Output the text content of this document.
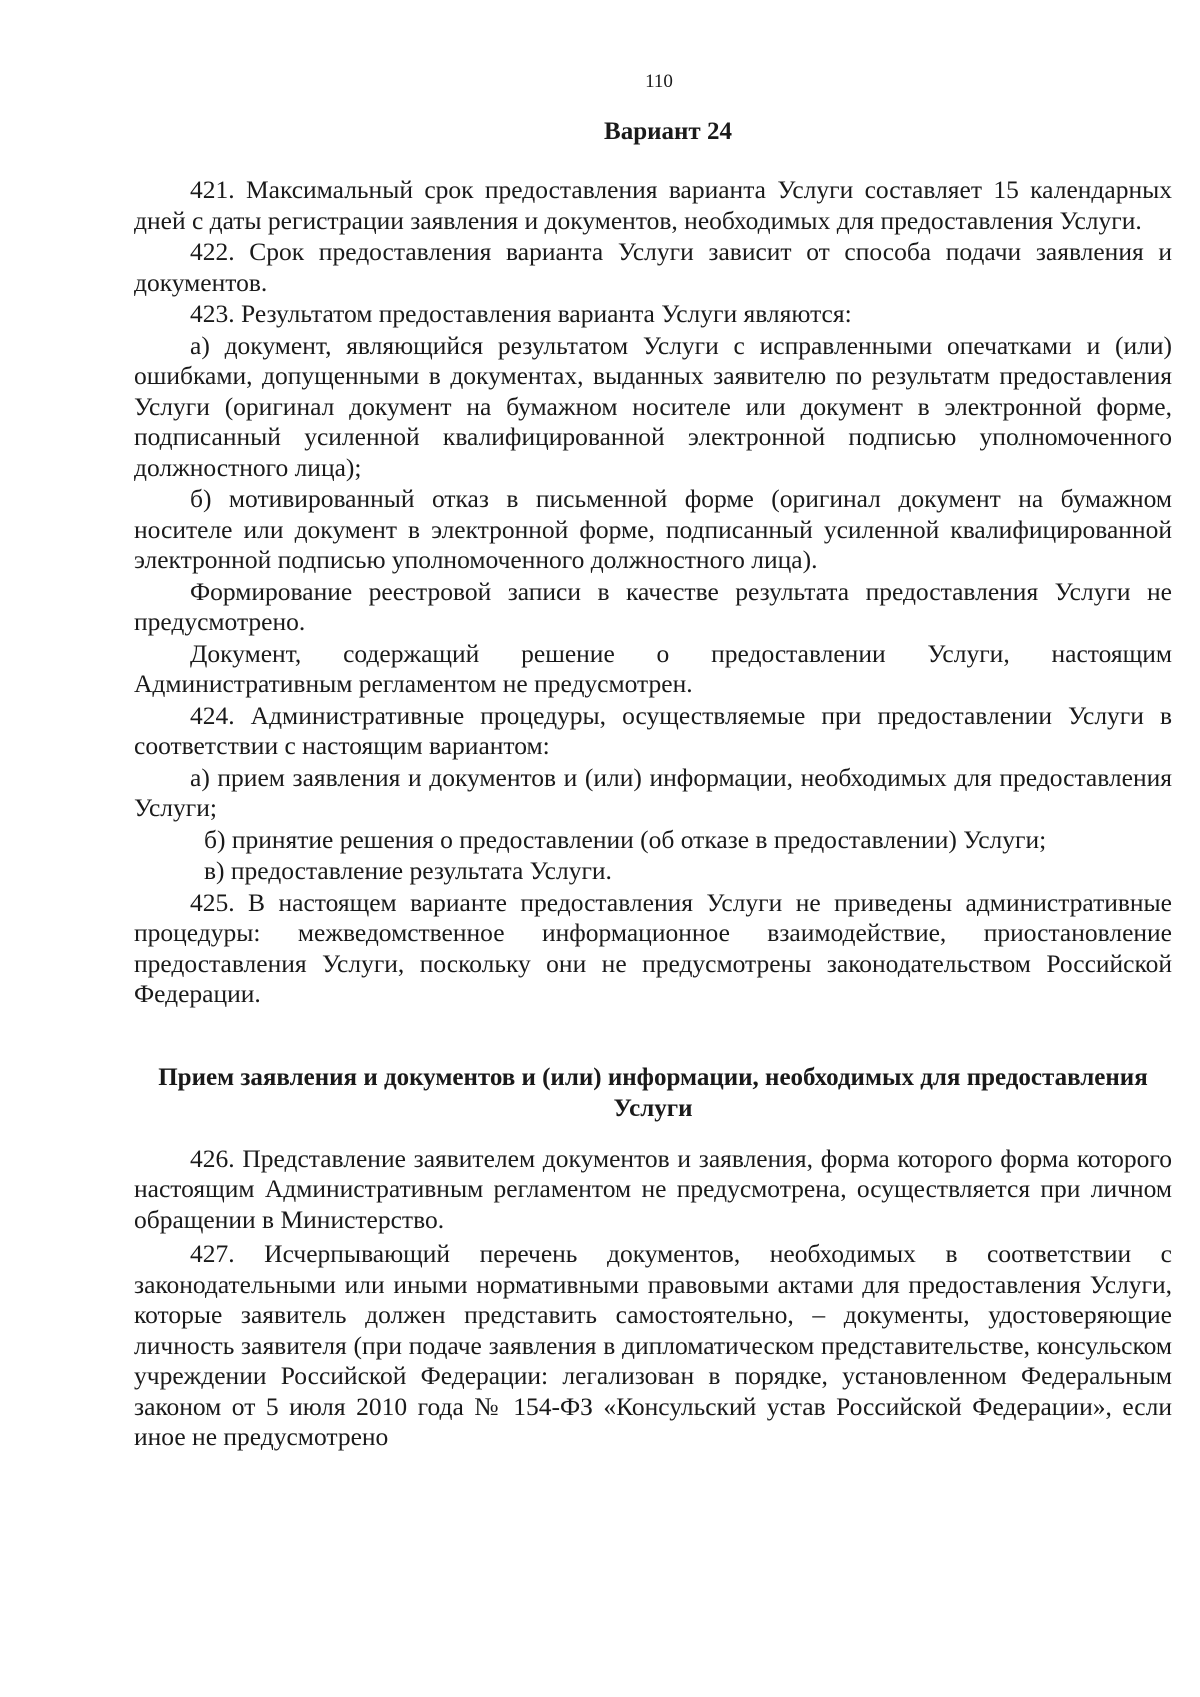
110
Вариант 24

421. Максимальный срок предоставления варианта Услуги составляет 15 календарных дней с даты регистрации заявления и документов, необходимых для предоставления Услуги.

422. Срок предоставления варианта Услуги зависит от способа подачи заявления и документов.

423. Результатом предоставления варианта Услуги являются:

а) документ, являющийся результатом Услуги с исправленными опечатками и (или) ошибками, допущенными в документах, выданных заявителю по результатм предоставления Услуги (оригинал документ на бумажном носителе или документ в электронной форме, подписанный усиленной квалифицированной электронной подписью уполномоченного должностного лица);

б) мотивированный отказ в письменной форме (оригинал документ на бумажном носителе или документ в электронной форме, подписанный усиленной квалифицированной электронной подписью уполномоченного должностного лица).

Формирование реестровой записи в качестве результата предоставления Услуги не предусмотрено.

Документ, содержащий решение о предоставлении Услуги, настоящим Административным регламентом не предусмотрен.

424. Административные процедуры, осуществляемые при предоставлении Услуги в соответствии с настоящим вариантом:

а) прием заявления и документов и (или) информации, необходимых для предоставления Услуги;

б) принятие решения о предоставлении (об отказе в предоставлении) Услуги;

в) предоставление результата Услуги.

425. В настоящем варианте предоставления Услуги не приведены административные процедуры: межведомственное информационное взаимодействие, приостановление предоставления Услуги, поскольку они не предусмотрены законодательством Российской Федерации.

Прием заявления и документов и (или) информации, необходимых для предоставления Услуги

426. Представление заявителем документов и заявления, форма которого форма которого настоящим Административным регламентом не предусмотрена, осуществляется при личном обращении в Министерство.

427. Исчерпывающий перечень документов, необходимых в соответствии с законодательными или иными нормативными правовыми актами для предоставления Услуги, которые заявитель должен представить самостоятельно, – документы, удостоверяющие личность заявителя (при подаче заявления в дипломатическом представительстве, консульском учреждении Российской Федерации: легализован в порядке, установленном Федеральным законом от 5 июля 2010 года № 154-ФЗ «Консульский устав Российской Федерации», если иное не предусмотрено
